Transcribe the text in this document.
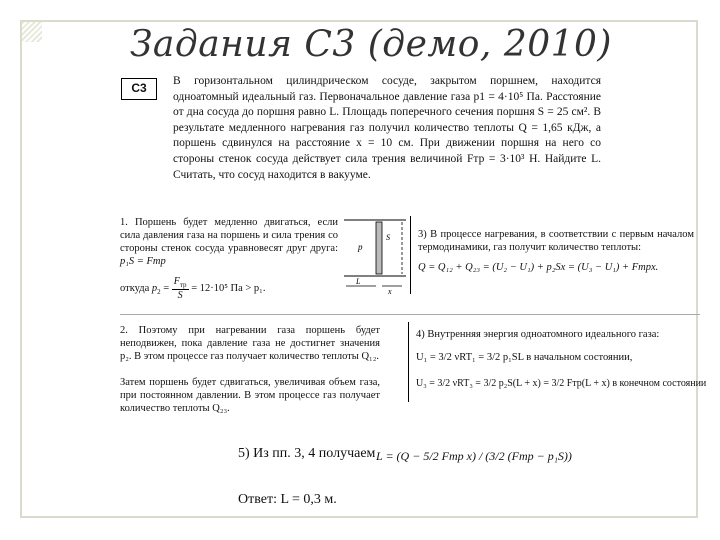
Задания С3 (демо, 2010)
С3	В горизонтальном цилиндрическом сосуде, закрытом поршнем, находится одноатомный идеальный газ. Первоначальное давление газа p1 = 4·10⁵ Па. Расстояние от дна сосуда до поршня равно L. Площадь поперечного сечения поршня S = 25 см². В результате медленного нагревания газ получил количество теплоты Q = 1,65 кДж, а поршень сдвинулся на расстояние x = 10 см. При движении поршня на него со стороны стенок сосуда действует сила трения величиной Fтр = 3·10³ Н. Найдите L. Считать, что сосуд находится в вакууме.
1. Поршень будет медленно двигаться, если сила давления газа на поршень и сила трения со стороны стенок сосуда уравновесят друг друга: p₁S = Fтр
откуда $p_2 = \frac{F_{тр}}{S} = 12\cdot 10^5$ Па > p₁.
p
S
L
x
3) В процессе нагревания, в соответствии с первым началом термодинамики, газ получит количество теплоты:
Q = Q₁₂ + Q₂₃ = (U₂ − U₁) + p₂Sx = (U₃ − U₁) + Fтрx.
2. Поэтому при нагревании газа поршень будет неподвижен, пока давление газа не достигнет значения p₂. В этом процессе газ получает количество теплоты Q₁₂.
Затем поршень будет сдвигаться, увеличивая объем газа, при постоянном давлении. В этом процессе газ получает количество теплоты Q₂₃.
4) Внутренняя энергия одноатомного идеального газа:
U₁ = 3/2 νRT₁ = 3/2 p₁SL в начальном состоянии,
U₃ = 3/2 νRT₃ = 3/2 p₂S(L + x) = 3/2 Fтр(L + x) в конечном состоянии
5) Из пп. 3, 4 получаем L = (Q − 5/2 Fтр x) / (3/2 (Fтр − p₁S))
Ответ: L = 0,3 м.
